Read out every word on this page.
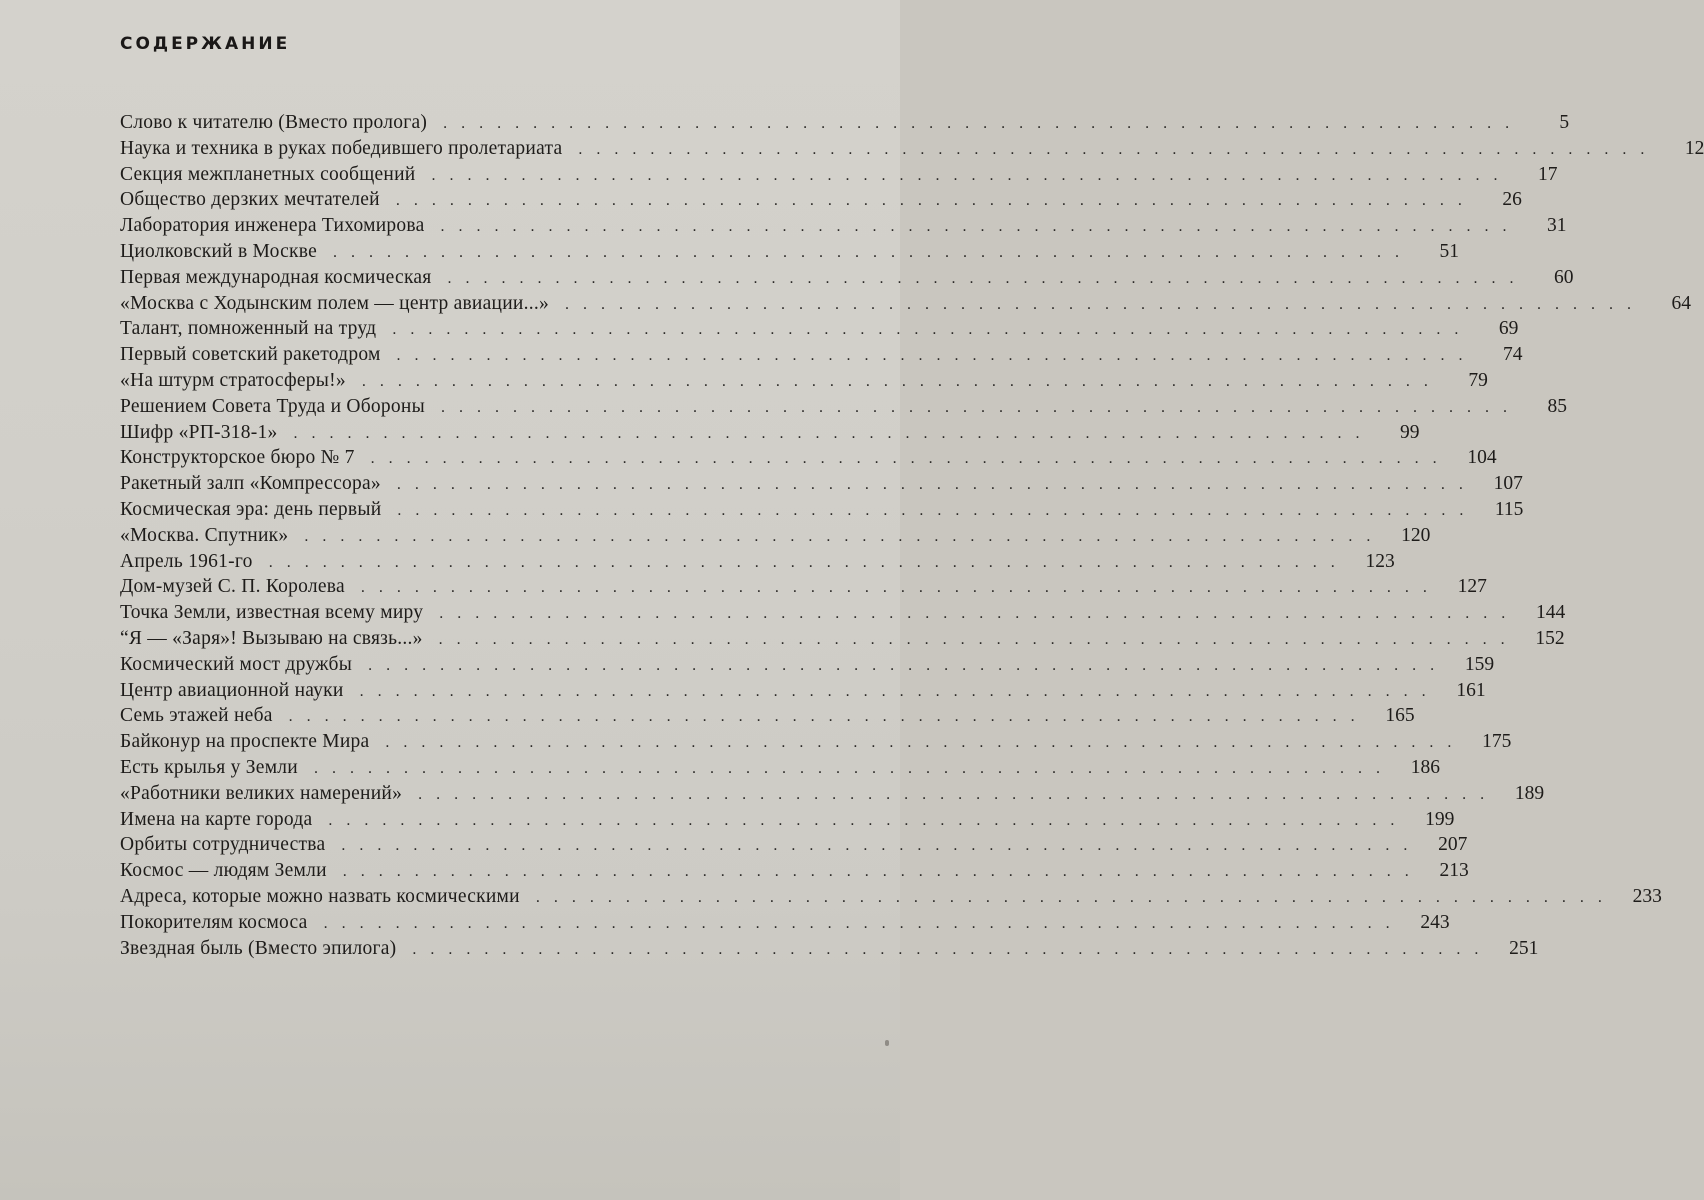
СОДЕРЖАНИЕ
Слово к читателю (Вместо пролога)	............................................................	5
Наука и техника в руках победившего пролетариата	............................................................	12
Секция межпланетных сообщений	............................................................	17
Общество дерзких мечтателей	............................................................	26
Лаборатория инженера Тихомирова	............................................................	31
Циолковский в Москве	............................................................	51
Первая международная космическая	............................................................	60
«Москва с Ходынским полем — центр авиации...»	............................................................	64
Талант, помноженный на труд	............................................................	69
Первый советский ракетодром	............................................................	74
«На штурм стратосферы!»	............................................................	79
Решением Совета Труда и Обороны	............................................................	85
Шифр «РП-318-1»	............................................................	99
Конструкторское бюро № 7	............................................................ 104
Ракетный залп «Компрессора»	............................................................ 107
Космическая эра: день первый	............................................................ 115
«Москва. Спутник»	............................................................ 120
Апрель 1961-го	............................................................ 123
Дом-музей С. П. Королева	............................................................ 127
Точка Земли, известная всему миру	............................................................ 144
“Я — «Заря»! Вызываю на связь...»	............................................................ 152
Космический мост дружбы	............................................................ 159
Центр авиационной науки	............................................................ 161
Семь этажей неба	............................................................ 165
Байконур на проспекте Мира	............................................................ 175
Есть крылья у Земли	............................................................ 186
«Работники великих намерений»	............................................................ 189
Имена на карте города	............................................................ 199
Орбиты сотрудничества	............................................................ 207
Космос — людям Земли	............................................................ 213
Адреса, которые можно назвать космическими	............................................................ 233
Покорителям космоса	............................................................ 243
Звездная быль (Вместо эпилога)	............................................................ 251
